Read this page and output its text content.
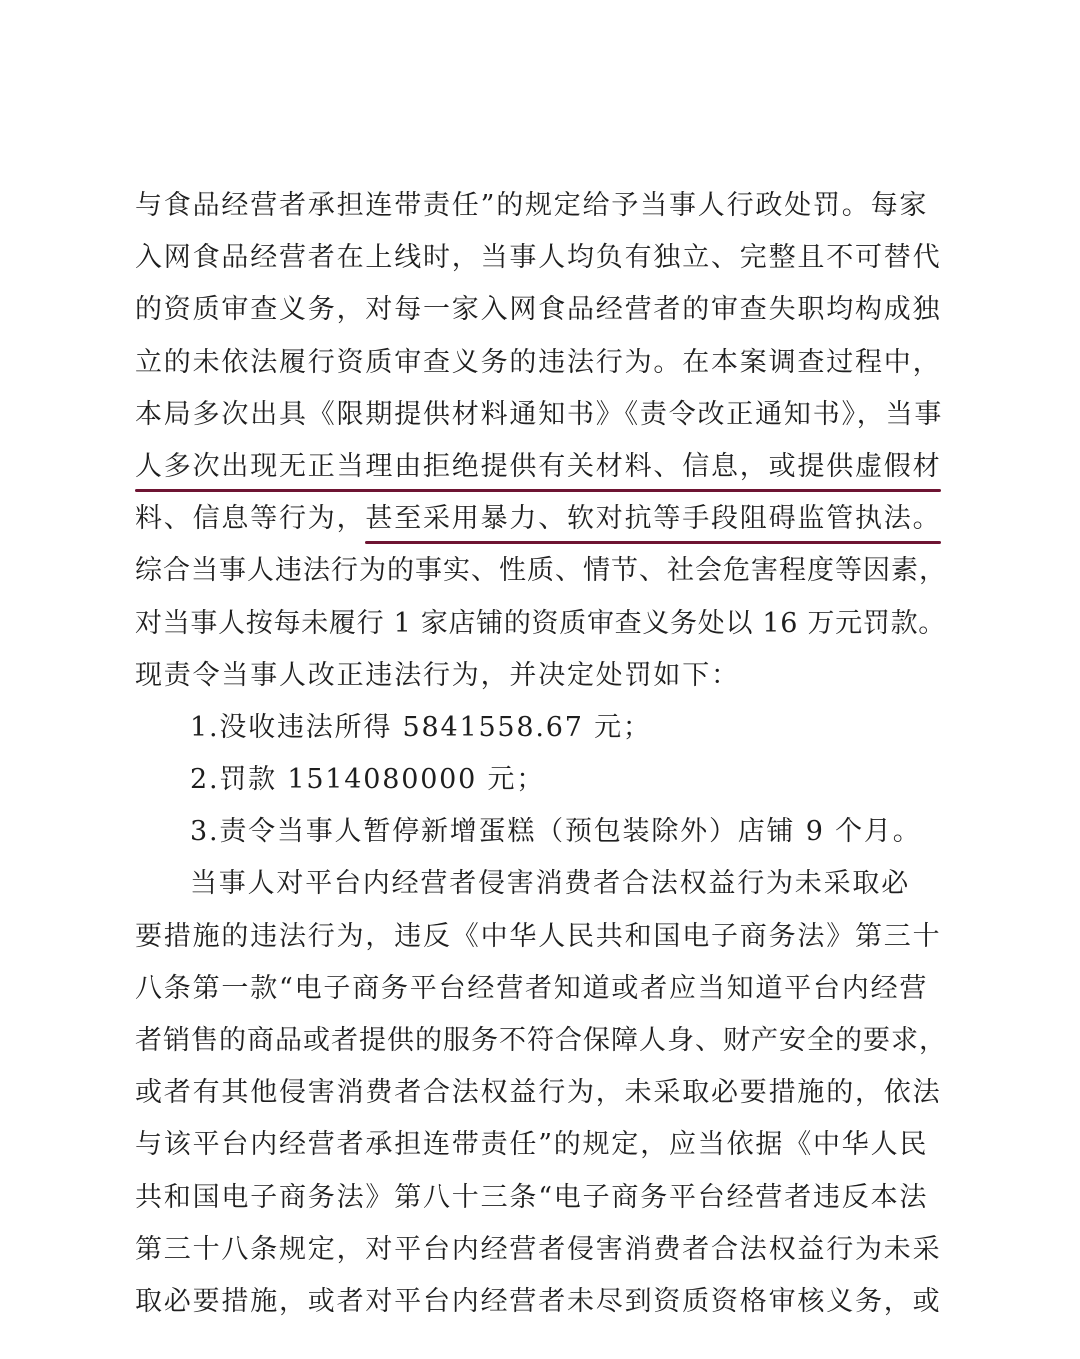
与食品经营者承担连带责任”的规定给予当事人行政处罚。每家
入网食品经营者在上线时，当事人均负有独立、完整且不可替代
的资质审查义务，对每一家入网食品经营者的审查失职均构成独
立的未依法履行资质审查义务的违法行为。在本案调查过程中，
本局多次出具《限期提供材料通知书》《责令改正通知书》，当事
人多次出现无正当理由拒绝提供有关材料、信息，或提供虚假材
料、信息等行为，甚至采用暴力、软对抗等手段阻碍监管执法。
综合当事人违法行为的事实、性质、情节、社会危害程度等因素，
对当事人按每未履行 1 家店铺的资质审查义务处以 16 万元罚款。
现责令当事人改正违法行为，并决定处罚如下：
1.没收违法所得 5841558.67 元；
2.罚款 1514080000 元；
3.责令当事人暂停新增蛋糕（预包装除外）店铺 9 个月。
当事人对平台内经营者侵害消费者合法权益行为未采取必
要措施的违法行为，违反《中华人民共和国电子商务法》第三十
八条第一款“电子商务平台经营者知道或者应当知道平台内经营
者销售的商品或者提供的服务不符合保障人身、财产安全的要求，
或者有其他侵害消费者合法权益行为，未采取必要措施的，依法
与该平台内经营者承担连带责任”的规定，应当依据《中华人民
共和国电子商务法》第八十三条“电子商务平台经营者违反本法
第三十八条规定，对平台内经营者侵害消费者合法权益行为未采
取必要措施，或者对平台内经营者未尽到资质资格审核义务，或
